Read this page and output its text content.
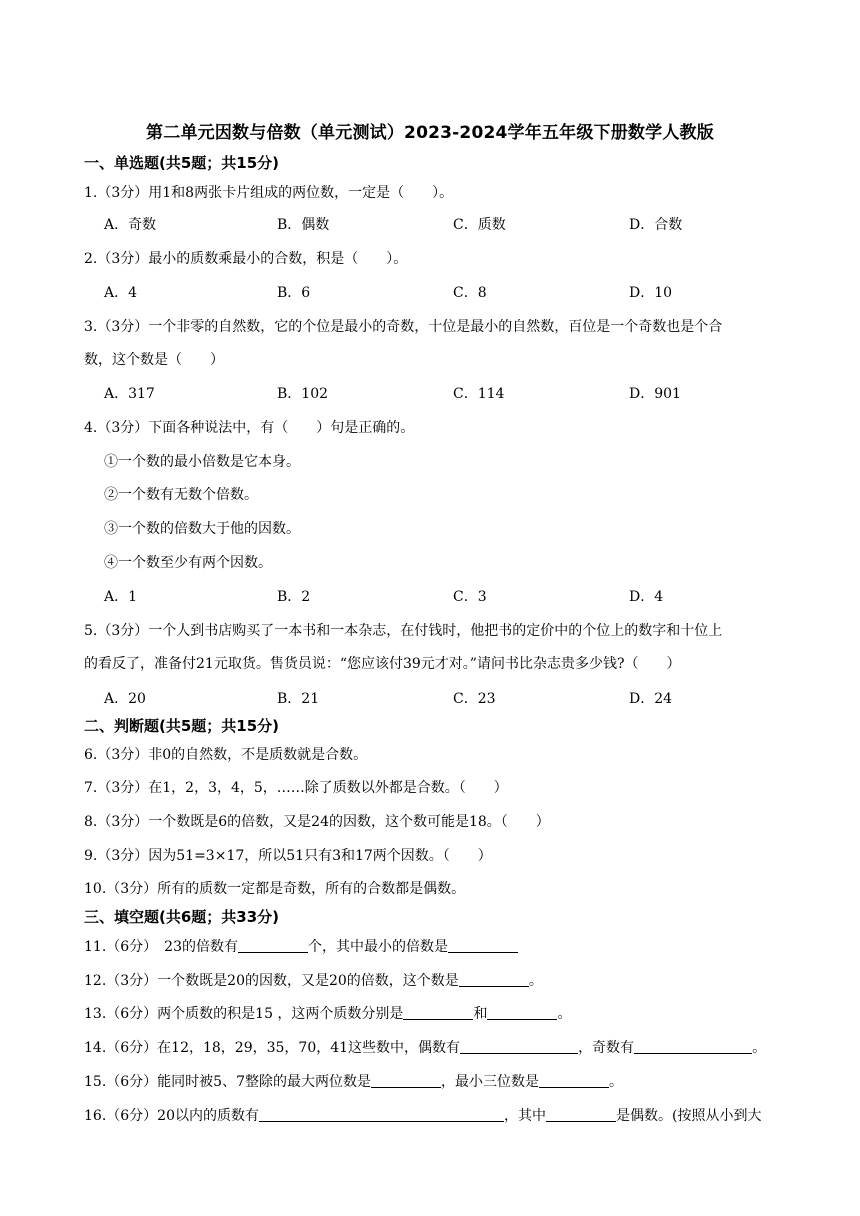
第二单元因数与倍数（单元测试）2023-2024学年五年级下册数学人教版
一、单选题(共5题；共15分)
1.（3分）用1和8两张卡片组成的两位数，一定是（　　）。
A．奇数	B．偶数	C．质数	D．合数
2.（3分）最小的质数乘最小的合数，积是（　　）。
A．4	B．6	C．8	D．10
3.（3分）一个非零的自然数，它的个位是最小的奇数，十位是最小的自然数，百位是一个奇数也是个合
数，这个数是（　　）
A．317	B．102	C．114	D．901
4.（3分）下面各种说法中，有（　　）句是正确的。
①一个数的最小倍数是它本身。
②一个数有无数个倍数。
③一个数的倍数大于他的因数。
④一个数至少有两个因数。
A．1	B．2	C．3	D．4
5.（3分）一个人到书店购买了一本书和一本杂志，在付钱时，他把书的定价中的个位上的数字和十位上
的看反了，准备付21元取货。售货员说：“您应该付39元才对。”请问书比杂志贵多少钱?（　　）
A．20	B．21	C．23	D．24
二、判断题(共5题；共15分)
6.（3分）非0的自然数，不是质数就是合数。
7.（3分）在1，2，3，4，5，……除了质数以外都是合数。（　　）
8.（3分）一个数既是6的倍数，又是24的因数，这个数可能是18。（　　）
9.（3分）因为51=3×17，所以51只有3和17两个因数。（　　）
10.（3分）所有的质数一定都是奇数，所有的合数都是偶数。
三、填空题(共6题；共33分)
11.（6分）　23的倍数有	个，其中最小的倍数是
12.（3分）一个数既是20的因数，又是20的倍数，这个数是	。
13.（6分）两个质数的积是15 ，这两个质数分别是	和	。
14.（6分）在12，18，29，35，70，41这些数中，偶数有	，奇数有	。
15.（6分）能同时被5、7整除的最大两位数是	，最小三位数是	。
16.（6分）20以内的质数有	，其中	是偶数。(按照从小到大
